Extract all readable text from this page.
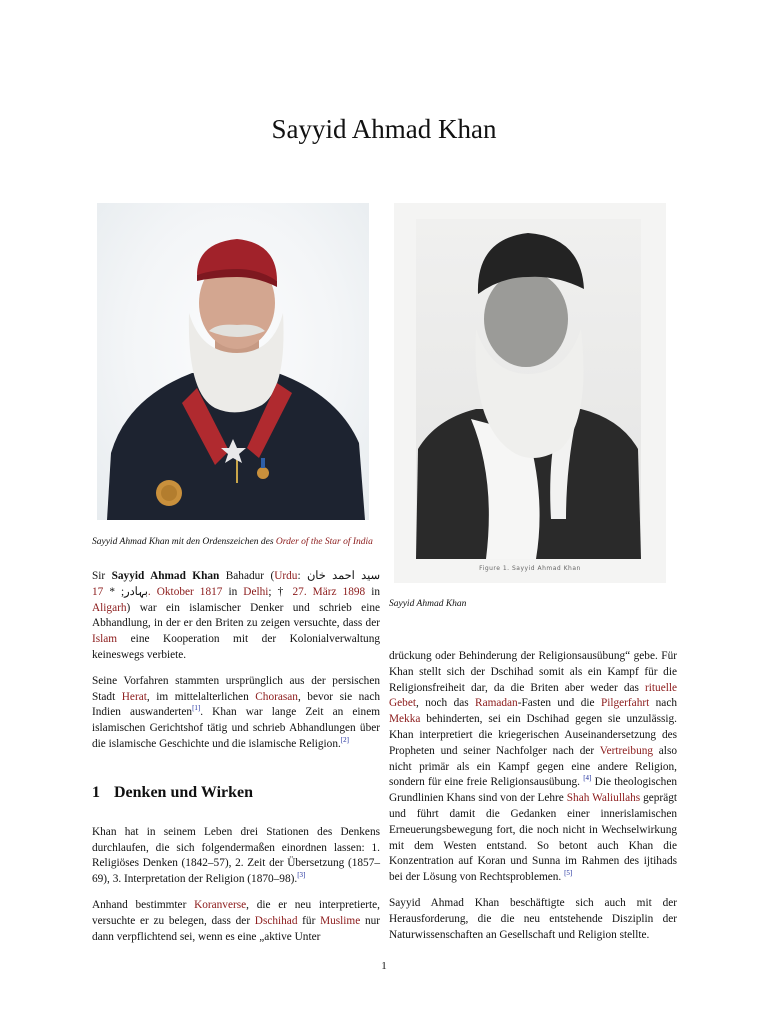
Sayyid Ahmad Khan
Sayyid Ahmad Khan mit den Ordenszeichen des Order of the Star of India

Sir Sayyid Ahmad Khan Bahadur (Urdu: سید احمد خان بہادر; * 17. Oktober 1817 in Delhi; † 27. März 1898 in Aligarh) war ein islamischer Denker und schrieb eine Abhandlung, in der er den Briten zu zeigen versuchte, dass der Islam eine Kooperation mit der Kolonialverwaltung keineswegs verbiete.

Seine Vorfahren stammten ursprünglich aus der persischen Stadt Herat, im mittelalterlichen Chorasan, bevor sie nach Indien auswanderten[1]. Khan war lange Zeit an einem islamischen Gerichtshof tätig und schrieb Abhandlungen über die islamische Geschichte und die islamische Religion.[2]

1 Denken und Wirken

Khan hat in seinem Leben drei Stationen des Denkens durchlaufen, die sich folgendermaßen einordnen lassen: 1. Religiöses Denken (1842–57), 2. Zeit der Übersetzung (1857–69), 3. Interpretation der Religion (1870–98).[3]

Anhand bestimmter Koranverse, die er neu interpretierte, versuchte er zu belegen, dass der Dschihad für Muslime nur dann verpflichtend sei, wenn es eine „aktive Unter

Figure 1. Sayyid Ahmad Khan
Sayyid Ahmad Khan

drückung oder Behinderung der Religionsausübung“ gebe. Für Khan stellt sich der Dschihad somit als ein Kampf für die Religionsfreiheit dar, da die Briten aber weder das rituelle Gebet, noch das Ramadan-Fasten und die Pilgerfahrt nach Mekka behinderten, sei ein Dschihad gegen sie unzulässig. Khan interpretiert die kriegerischen Auseinandersetzung des Propheten und seiner Nachfolger nach der Vertreibung also nicht primär als ein Kampf gegen eine andere Religion, sondern für eine freie Religionsausübung. [4] Die theologischen Grundlinien Khans sind von der Lehre Shah Waliullahs geprägt und führt damit die Gedanken einer innerislamischen Erneuerungsbewegung fort, die noch nicht in Wechselwirkung mit dem Westen entstand. So betont auch Khan die Konzentration auf Koran und Sunna im Rahmen des ijtihads bei der Lösung von Rechtsproblemen. [5]

Sayyid Ahmad Khan beschäftigte sich auch mit der Herausforderung, die die neu entstehende Disziplin der Naturwissenschaften an Gesellschaft und Religion stellte.

1
